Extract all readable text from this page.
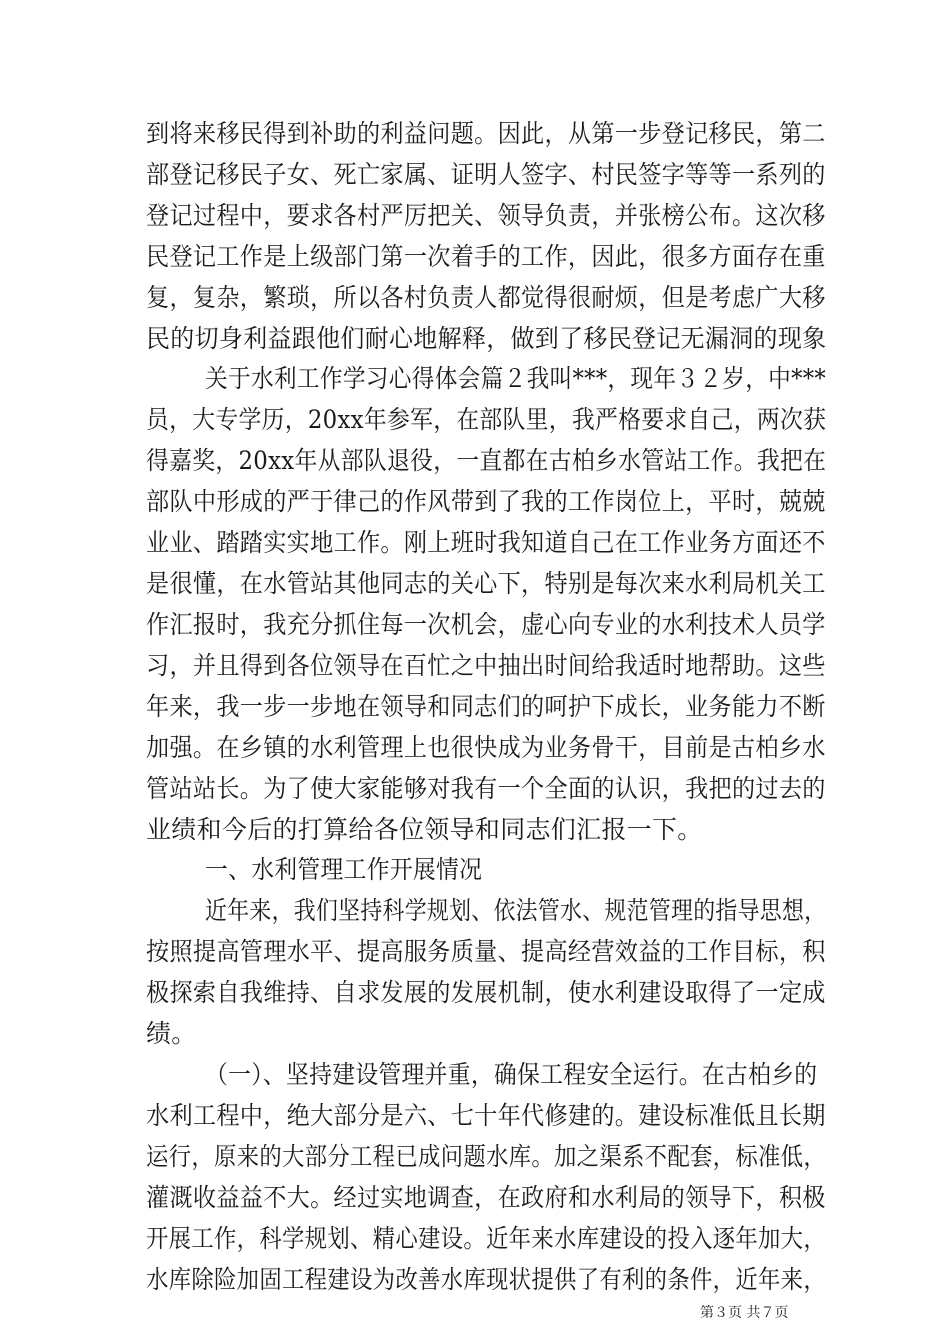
到将来移民得到补助的利益问题。因此，从第一步登记移民，第二
部登记移民子女、死亡家属、证明人签字、村民签字等等一系列的
登记过程中，要求各村严厉把关、领导负责，并张榜公布。这次移
民登记工作是上级部门第一次着手的工作，因此，很多方面存在重
复，复杂，繁琐，所以各村负责人都觉得很耐烦，但是考虑广大移
民的切身利益跟他们耐心地解释，做到了移民登记无漏洞的现象
关于水利工作学习心得体会篇２我叫***，现年３２岁，中***
员，大专学历，20xx年参军，在部队里，我严格要求自己，两次获
得嘉奖，20xx年从部队退役，一直都在古柏乡水管站工作。我把在
部队中形成的严于律己的作风带到了我的工作岗位上，平时，兢兢
业业、踏踏实实地工作。刚上班时我知道自己在工作业务方面还不
是很懂，在水管站其他同志的关心下，特别是每次来水利局机关工
作汇报时，我充分抓住每一次机会，虚心向专业的水利技术人员学
习，并且得到各位领导在百忙之中抽出时间给我适时地帮助。这些
年来，我一步一步地在领导和同志们的呵护下成长，业务能力不断
加强。在乡镇的水利管理上也很快成为业务骨干，目前是古柏乡水
管站站长。为了使大家能够对我有一个全面的认识，我把的过去的
业绩和今后的打算给各位领导和同志们汇报一下。
一、水利管理工作开展情况
近年来，我们坚持科学规划、依法管水、规范管理的指导思想，
按照提高管理水平、提高服务质量、提高经营效益的工作目标，积
极探索自我维持、自求发展的发展机制，使水利建设取得了一定成
绩。
（一）、坚持建设管理并重，确保工程安全运行。在古柏乡的
水利工程中，绝大部分是六、七十年代修建的。建设标准低且长期
运行，原来的大部分工程已成问题水库。加之渠系不配套，标准低，
灌溉收益益不大。经过实地调查，在政府和水利局的领导下，积极
开展工作，科学规划、精心建设。近年来水库建设的投入逐年加大，
水库除险加固工程建设为改善水库现状提供了有利的条件，近年来，
第３页 共７页
